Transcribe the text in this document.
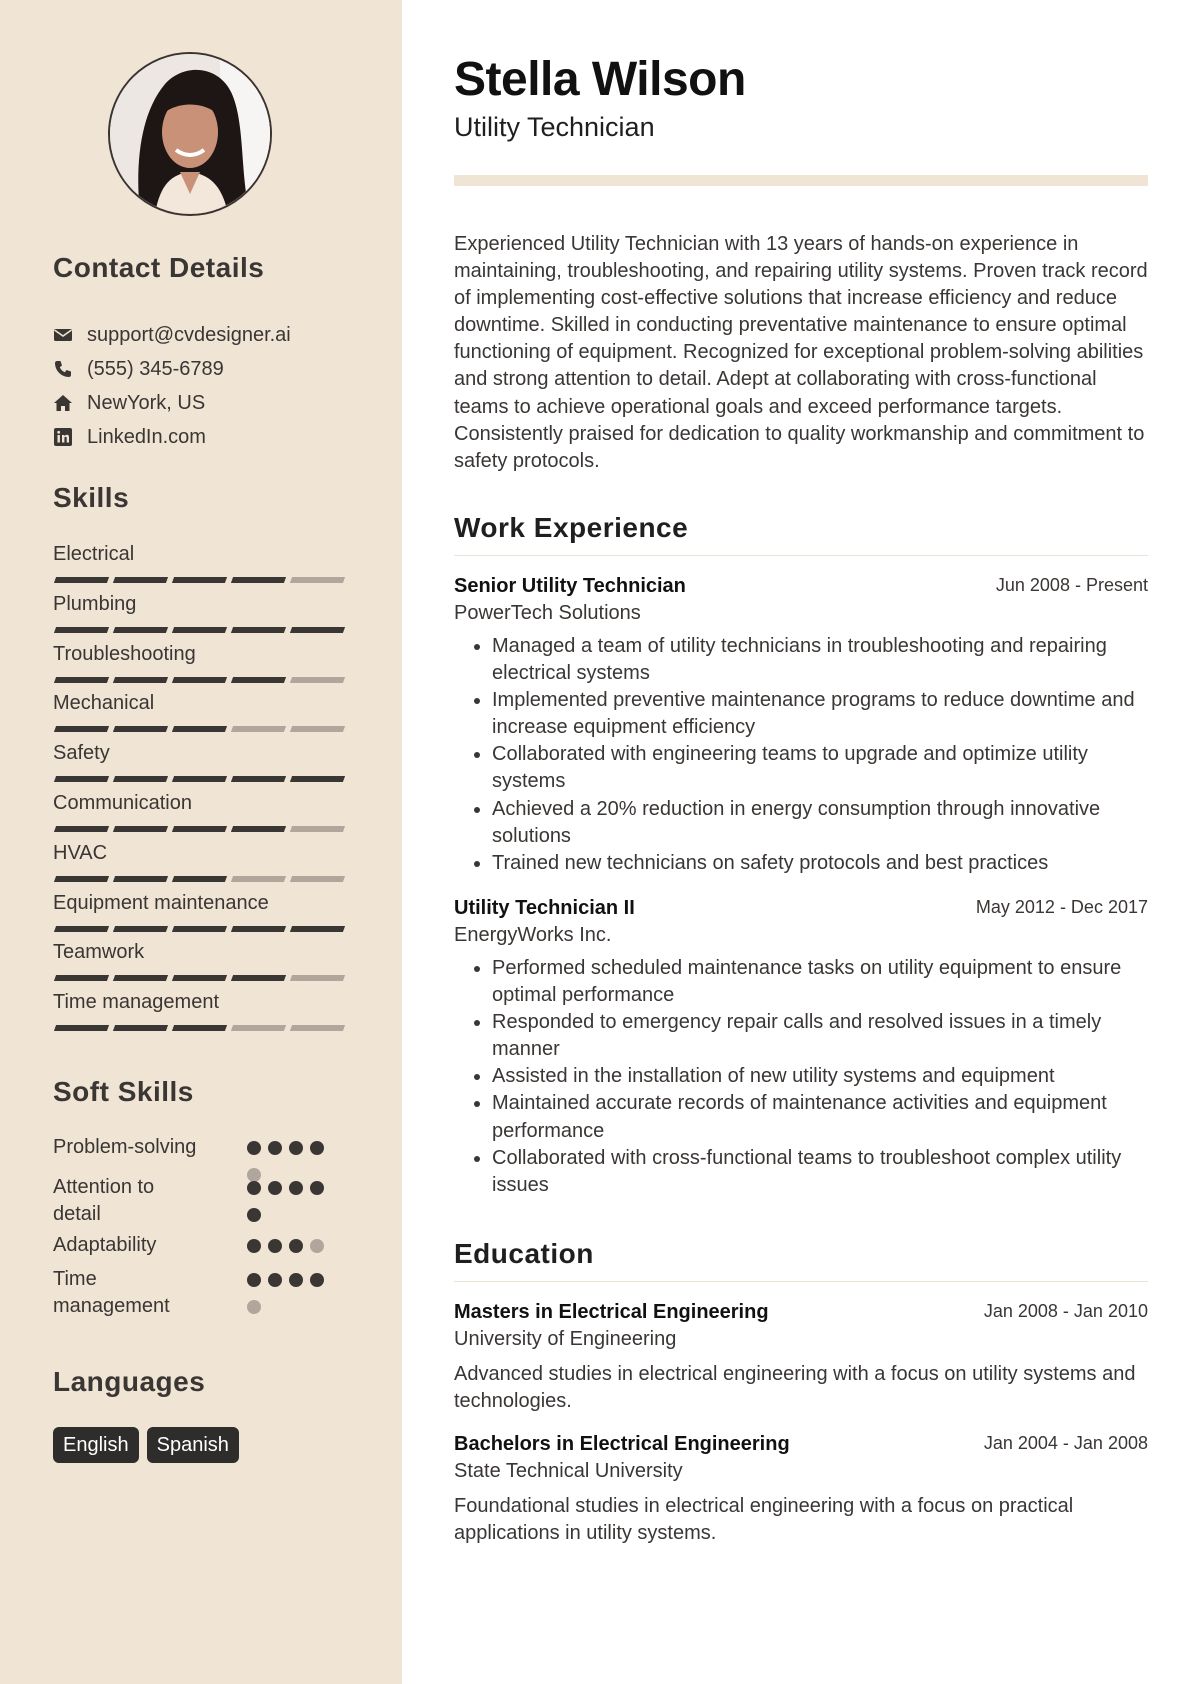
Contact Details
support@cvdesigner.ai
(555) 345-6789
NewYork, US
LinkedIn.com
Skills
Electrical
Plumbing
Troubleshooting
Mechanical
Safety
Communication
HVAC
Equipment maintenance
Teamwork
Time management
Soft Skills
Problem-solving
Attention to detail
Adaptability
Time management
Languages
English	Spanish
Stella Wilson
Utility Technician

Experienced Utility Technician with 13 years of hands-on experience in maintaining, troubleshooting, and repairing utility systems. Proven track record of implementing cost-effective solutions that increase efficiency and reduce downtime. Skilled in conducting preventative maintenance to ensure optimal functioning of equipment. Recognized for exceptional problem-solving abilities and strong attention to detail. Adept at collaborating with cross-functional teams to achieve operational goals and exceed performance targets. Consistently praised for dedication to quality workmanship and commitment to safety protocols.

Work Experience
Senior Utility Technician	Jun 2008 - Present
PowerTech Solutions
• Managed a team of utility technicians in troubleshooting and repairing electrical systems
• Implemented preventive maintenance programs to reduce downtime and increase equipment efficiency
• Collaborated with engineering teams to upgrade and optimize utility systems
• Achieved a 20% reduction in energy consumption through innovative solutions
• Trained new technicians on safety protocols and best practices
Utility Technician II	May 2012 - Dec 2017
EnergyWorks Inc.
• Performed scheduled maintenance tasks on utility equipment to ensure optimal performance
• Responded to emergency repair calls and resolved issues in a timely manner
• Assisted in the installation of new utility systems and equipment
• Maintained accurate records of maintenance activities and equipment performance
• Collaborated with cross-functional teams to troubleshoot complex utility issues
Education
Masters in Electrical Engineering	Jan 2008 - Jan 2010
University of Engineering

Advanced studies in electrical engineering with a focus on utility systems and technologies.

Bachelors in Electrical Engineering	Jan 2004 - Jan 2008
State Technical University

Foundational studies in electrical engineering with a focus on practical applications in utility systems.
